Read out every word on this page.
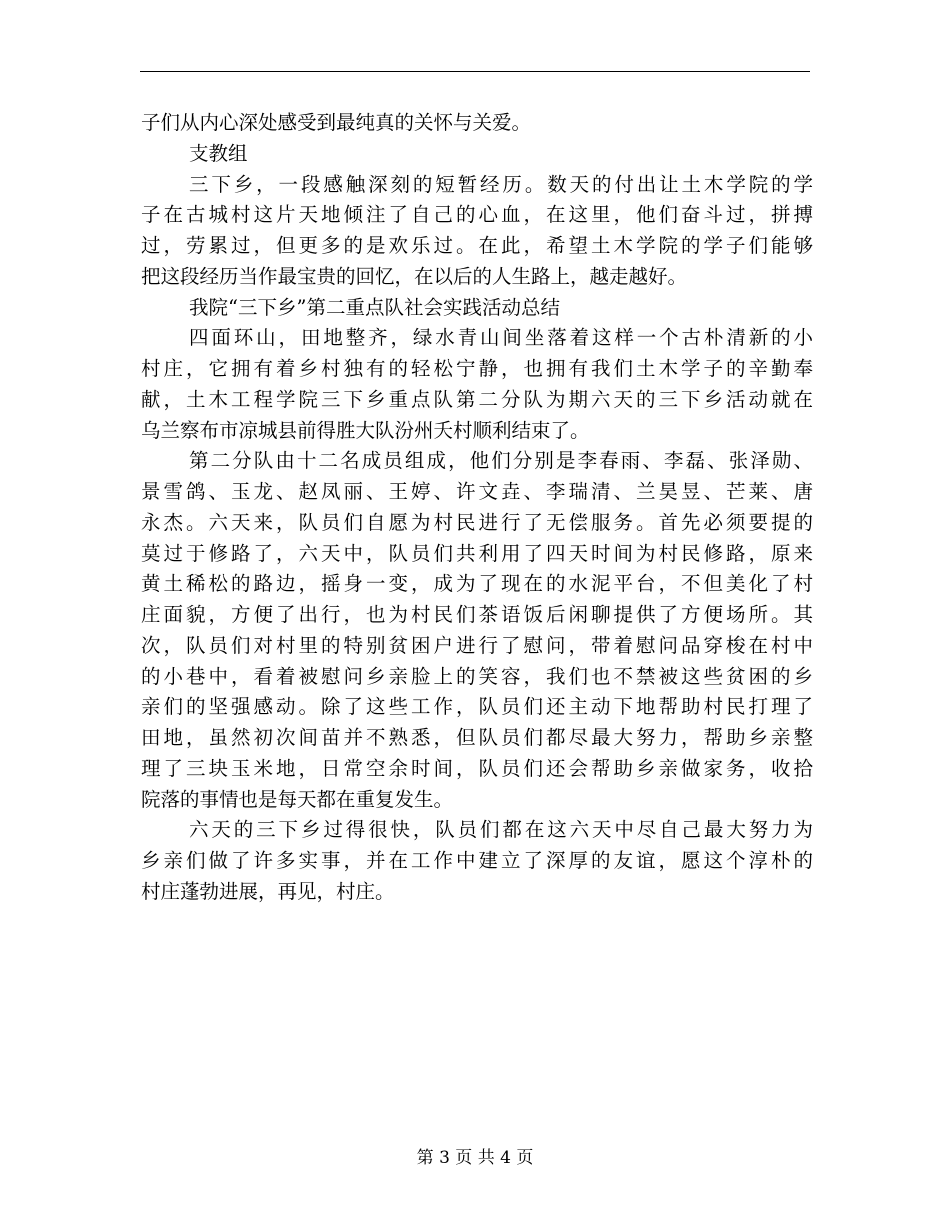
子们从内心深处感受到最纯真的关怀与关爱。
支教组
三下乡，一段感触深刻的短暂经历。数天的付出让土木学院的学
子在古城村这片天地倾注了自己的心血，在这里，他们奋斗过，拼搏
过，劳累过，但更多的是欢乐过。在此，希望土木学院的学子们能够
把这段经历当作最宝贵的回忆，在以后的人生路上，越走越好。
我院“三下乡”第二重点队社会实践活动总结
四面环山，田地整齐，绿水青山间坐落着这样一个古朴清新的小
村庄，它拥有着乡村独有的轻松宁静，也拥有我们土木学子的辛勤奉
献，土木工程学院三下乡重点队第二分队为期六天的三下乡活动就在
乌兰察布市凉城县前得胜大队汾州夭村顺利结束了。
第二分队由十二名成员组成，他们分别是李春雨、李磊、张泽勋、
景雪鸽、玉龙、赵凤丽、王婷、许文垚、李瑞清、兰昊昱、芒莱、唐
永杰。六天来，队员们自愿为村民进行了无偿服务。首先必须要提的
莫过于修路了，六天中，队员们共利用了四天时间为村民修路，原来
黄土稀松的路边，摇身一变，成为了现在的水泥平台，不但美化了村
庄面貌，方便了出行，也为村民们茶语饭后闲聊提供了方便场所。其
次，队员们对村里的特别贫困户进行了慰问，带着慰问品穿梭在村中
的小巷中，看着被慰问乡亲脸上的笑容，我们也不禁被这些贫困的乡
亲们的坚强感动。除了这些工作，队员们还主动下地帮助村民打理了
田地，虽然初次间苗并不熟悉，但队员们都尽最大努力，帮助乡亲整
理了三块玉米地，日常空余时间，队员们还会帮助乡亲做家务，收拾
院落的事情也是每天都在重复发生。
六天的三下乡过得很快，队员们都在这六天中尽自己最大努力为
乡亲们做了许多实事，并在工作中建立了深厚的友谊，愿这个淳朴的
村庄蓬勃进展，再见，村庄。
第 3 页 共 4 页
